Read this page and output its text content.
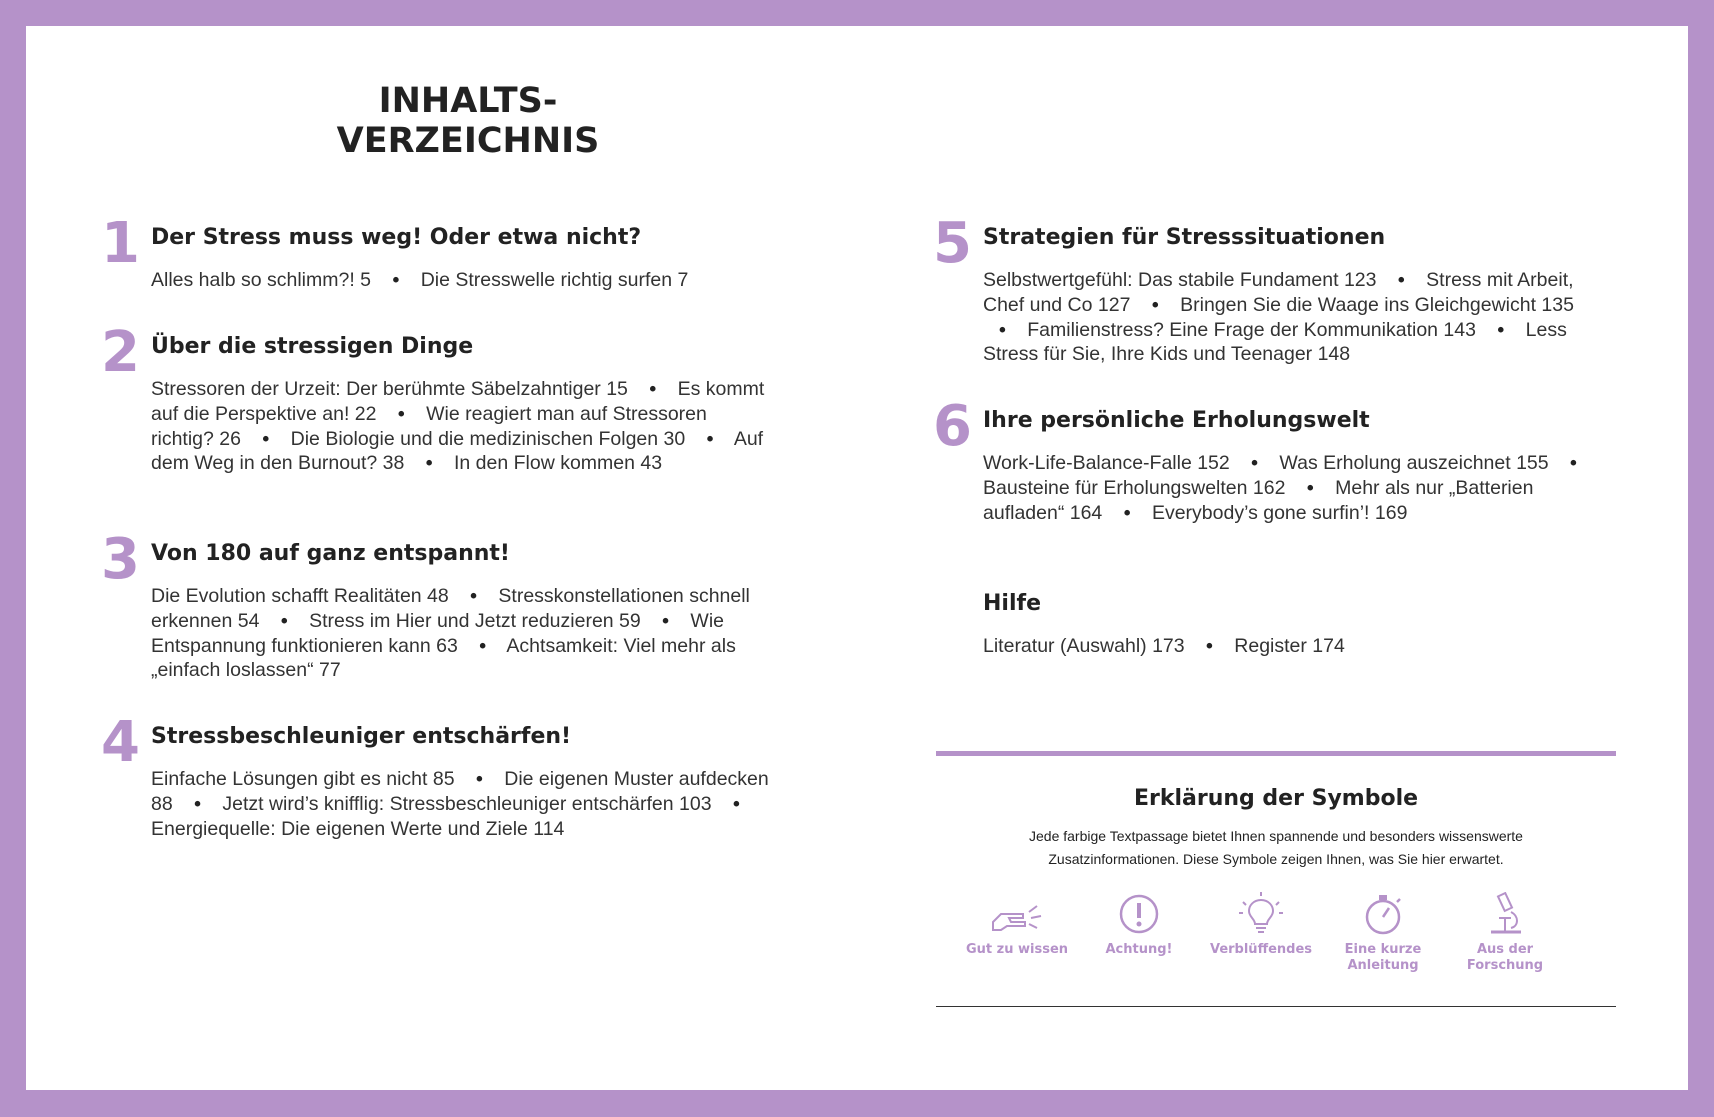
INHALTS-
VERZEICHNIS
1 Der Stress muss weg! Oder etwa nicht?
Alles halb so schlimm?! 5 • Die Stresswelle richtig surfen 7
2 Über die stressigen Dinge
Stressoren der Urzeit: Der berühmte Säbelzahntiger 15 • Es kommt auf die Perspektive an! 22 • Wie reagiert man auf Stressoren richtig? 26 • Die Biologie und die medizinischen Folgen 30 • Auf dem Weg in den Burnout? 38 • In den Flow kommen 43
3 Von 180 auf ganz entspannt!
Die Evolution schafft Realitäten 48 • Stresskonstellationen schnell erkennen 54 • Stress im Hier und Jetzt reduzieren 59 • Wie Entspannung funktionieren kann 63 • Achtsamkeit: Viel mehr als „einfach loslassen“ 77
4 Stressbeschleuniger entschärfen!
Einfache Lösungen gibt es nicht 85 • Die eigenen Muster aufdecken 88 • Jetzt wird’s knifflig: Stressbeschleuniger entschärfen 103 • Energiequelle: Die eigenen Werte und Ziele 114
5 Strategien für Stresssituationen
Selbstwertgefühl: Das stabile Fundament 123 • Stress mit Arbeit, Chef und Co 127 • Bringen Sie die Waage ins Gleichgewicht 135 • Familienstress? Eine Frage der Kommunikation 143 • Less Stress für Sie, Ihre Kids und Teenager 148
6 Ihre persönliche Erholungswelt
Work-Life-Balance-Falle 152 • Was Erholung auszeichnet 155 • Bausteine für Erholungswelten 162 • Mehr als nur „Batterien aufladen“ 164 • Everybody’s gone surfin’! 169
Hilfe
Literatur (Auswahl) 173 • Register 174
Erklärung der Symbole
Jede farbige Textpassage bietet Ihnen spannende und besonders wissenswerte Zusatzinformationen. Diese Symbole zeigen Ihnen, was Sie hier erwartet.
Gut zu wissen	Achtung!	Verblüffendes	Eine kurze Anleitung
Aus der Forschung
